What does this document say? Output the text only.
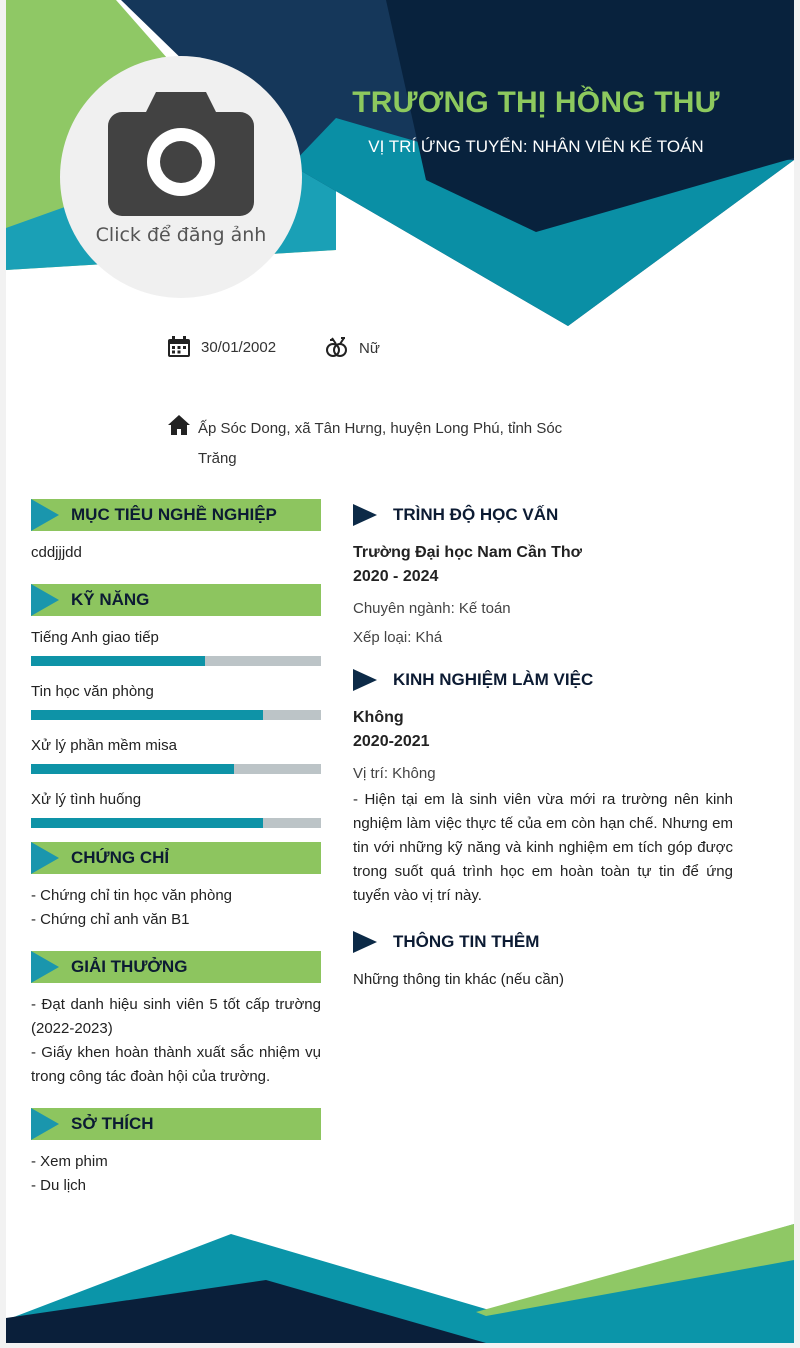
Click để đăng ảnh
TRƯƠNG THỊ HỒNG THƯ
VỊ TRÍ ỨNG TUYỂN: NHÂN VIÊN KẾ TOÁN
30/01/2002	Nữ
Ấp Sóc Dong, xã Tân Hưng, huyện Long Phú, tỉnh Sóc Trăng
MỤC TIÊU NGHỀ NGHIỆP
cddjjjdd
KỸ NĂNG
Tiếng Anh giao tiếp
Tin học văn phòng
Xử lý phần mềm misa
Xử lý tình huống
CHỨNG CHỈ
- Chứng chỉ tin học văn phòng
- Chứng chỉ anh văn B1
GIẢI THƯỞNG
- Đạt danh hiệu sinh viên 5 tốt cấp trường (2022-2023)
- Giấy khen hoàn thành xuất sắc nhiệm vụ trong công tác đoàn hội của trường.
SỞ THÍCH
- Xem phim
- Du lịch
TRÌNH ĐỘ HỌC VẤN
Trường Đại học Nam Cần Thơ
2020 - 2024
Chuyên ngành: Kế toán
Xếp loại: Khá
KINH NGHIỆM LÀM VIỆC
Không
2020-2021
Vị trí: Không
- Hiện tại em là sinh viên vừa mới ra trường nên kinh nghiệm làm việc thực tế của em còn hạn chế. Nhưng em tin với những kỹ năng và kinh nghiệm em tích góp được trong suốt quá trình học em hoàn toàn tự tin để ứng tuyển vào vị trí này.
THÔNG TIN THÊM
Những thông tin khác (nếu cần)
